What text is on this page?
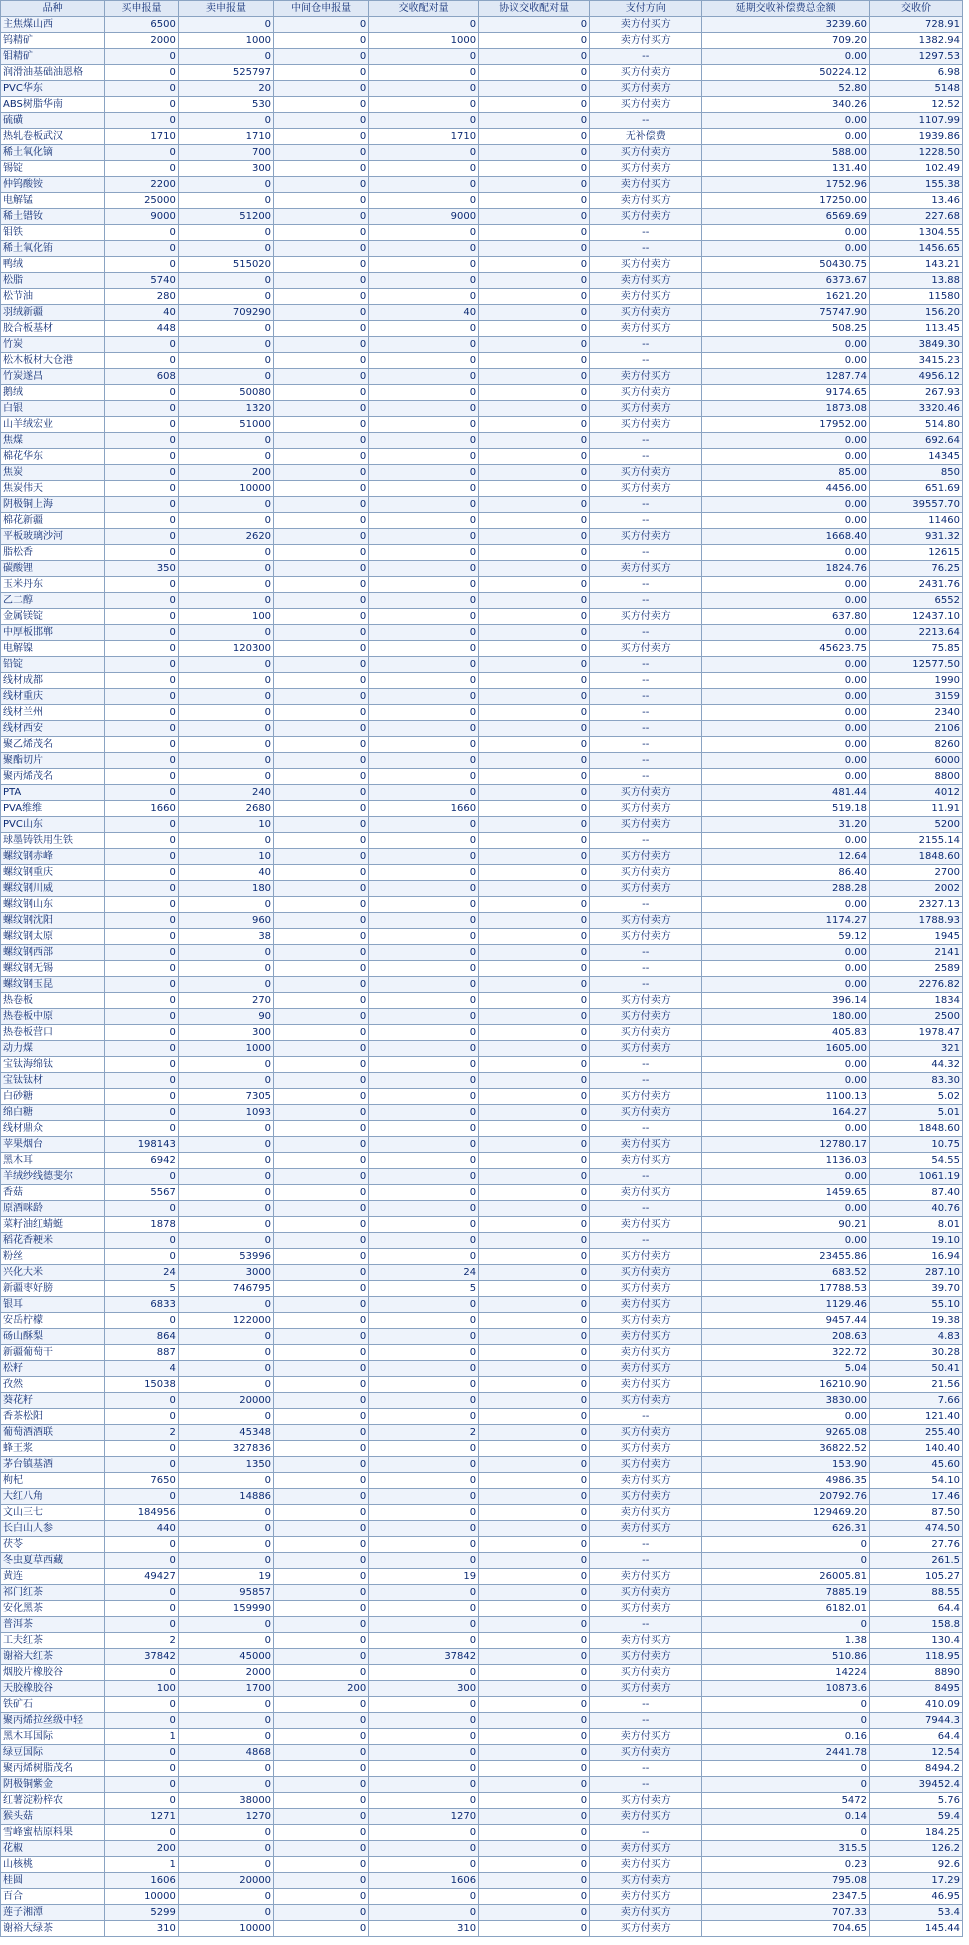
品种	买申报量	卖申报量	中间仓申报量	交收配对量	协议交收配对量	支付方向	延期交收补偿费总金额	交收价
主焦煤山西	6500	0	0	0	0	卖方付买方	3239.60	728.91
钨精矿	2000	1000	0	1000	0	卖方付买方	709.20	1382.94
钼精矿	0	0	0	0	0	--	0.00	1297.53
润滑油基础油恩格	0	525797	0	0	0	买方付卖方	50224.12	6.98
PVC华东	0	20	0	0	0	买方付卖方	52.80	5148
ABS树脂华南	0	530	0	0	0	买方付卖方	340.26	12.52
硫磺	0	0	0	0	0	--	0.00	1107.99
热轧卷板武汉	1710	1710	0	1710	0	无补偿费	0.00	1939.86
稀土氧化镝	0	700	0	0	0	买方付卖方	588.00	1228.50
锡锭	0	300	0	0	0	买方付卖方	131.40	102.49
仲钨酸铵	2200	0	0	0	0	卖方付买方	1752.96	155.38
电解锰	25000	0	0	0	0	卖方付买方	17250.00	13.46
稀土镨钕	9000	51200	0	9000	0	买方付卖方	6569.69	227.68
钼铁	0	0	0	0	0	--	0.00	1304.55
稀土氧化铕	0	0	0	0	0	--	0.00	1456.65
鸭绒	0	515020	0	0	0	买方付卖方	50430.75	143.21
松脂	5740	0	0	0	0	卖方付买方	6373.67	13.88
松节油	280	0	0	0	0	卖方付买方	1621.20	11580
羽绒新疆	40	709290	0	40	0	买方付卖方	75747.90	156.20
胶合板基材	448	0	0	0	0	卖方付买方	508.25	113.45
竹炭	0	0	0	0	0	--	0.00	3849.30
松木板材大仓港	0	0	0	0	0	--	0.00	3415.23
竹炭遂昌	608	0	0	0	0	卖方付买方	1287.74	4956.12
鹅绒	0	50080	0	0	0	买方付卖方	9174.65	267.93
白银	0	1320	0	0	0	买方付卖方	1873.08	3320.46
山羊绒宏业	0	51000	0	0	0	买方付卖方	17952.00	514.80
焦煤	0	0	0	0	0	--	0.00	692.64
棉花华东	0	0	0	0	0	--	0.00	14345
焦炭	0	200	0	0	0	买方付卖方	85.00	850
焦炭伟天	0	10000	0	0	0	买方付卖方	4456.00	651.69
阴极铜上海	0	0	0	0	0	--	0.00	39557.70
棉花新疆	0	0	0	0	0	--	0.00	11460
平板玻璃沙河	0	2620	0	0	0	买方付卖方	1668.40	931.32
脂松香	0	0	0	0	0	--	0.00	12615
碳酸锂	350	0	0	0	0	卖方付买方	1824.76	76.25
玉米丹东	0	0	0	0	0	--	0.00	2431.76
乙二醇	0	0	0	0	0	--	0.00	6552
金属镁锭	0	100	0	0	0	买方付卖方	637.80	12437.10
中厚板邯郸	0	0	0	0	0	--	0.00	2213.64
电解镍	0	120300	0	0	0	买方付卖方	45623.75	75.85
铅锭	0	0	0	0	0	--	0.00	12577.50
线材成都	0	0	0	0	0	--	0.00	1990
线材重庆	0	0	0	0	0	--	0.00	3159
线材兰州	0	0	0	0	0	--	0.00	2340
线材西安	0	0	0	0	0	--	0.00	2106
聚乙烯茂名	0	0	0	0	0	--	0.00	8260
聚酯切片	0	0	0	0	0	--	0.00	6000
聚丙烯茂名	0	0	0	0	0	--	0.00	8800
PTA	0	240	0	0	0	买方付卖方	481.44	4012
PVA维维	1660	2680	0	1660	0	买方付卖方	519.18	11.91
PVC山东	0	10	0	0	0	买方付卖方	31.20	5200
球墨铸铁用生铁	0	0	0	0	0	--	0.00	2155.14
螺纹钢赤峰	0	10	0	0	0	买方付卖方	12.64	1848.60
螺纹钢重庆	0	40	0	0	0	买方付卖方	86.40	2700
螺纹钢川威	0	180	0	0	0	买方付卖方	288.28	2002
螺纹钢山东	0	0	0	0	0	--	0.00	2327.13
螺纹钢沈阳	0	960	0	0	0	买方付卖方	1174.27	1788.93
螺纹钢太原	0	38	0	0	0	买方付卖方	59.12	1945
螺纹钢西部	0	0	0	0	0	--	0.00	2141
螺纹钢无锡	0	0	0	0	0	--	0.00	2589
螺纹钢玉昆	0	0	0	0	0	--	0.00	2276.82
热卷板	0	270	0	0	0	买方付卖方	396.14	1834
热卷板中原	0	90	0	0	0	买方付卖方	180.00	2500
热卷板营口	0	300	0	0	0	买方付卖方	405.83	1978.47
动力煤	0	1000	0	0	0	买方付卖方	1605.00	321
宝钛海绵钛	0	0	0	0	0	--	0.00	44.32
宝钛钛材	0	0	0	0	0	--	0.00	83.30
白砂糖	0	7305	0	0	0	买方付卖方	1100.13	5.02
绵白糖	0	1093	0	0	0	买方付卖方	164.27	5.01
线材鼎众	0	0	0	0	0	--	0.00	1848.60
苹果烟台	198143	0	0	0	0	卖方付买方	12780.17	10.75
黑木耳	6942	0	0	0	0	卖方付买方	1136.03	54.55
羊绒纱线德斐尔	0	0	0	0	0	--	0.00	1061.19
香菇	5567	0	0	0	0	卖方付买方	1459.65	87.40
原酒咪龄	0	0	0	0	0	--	0.00	40.76
菜籽油红蜻蜓	1878	0	0	0	0	卖方付买方	90.21	8.01
稻花香粳米	0	0	0	0	0	--	0.00	19.10
粉丝	0	53996	0	0	0	买方付卖方	23455.86	16.94
兴化大米	24	3000	0	24	0	买方付卖方	683.52	287.10
新疆枣好膀	5	746795	0	5	0	买方付卖方	17788.53	39.70
银耳	6833	0	0	0	0	卖方付买方	1129.46	55.10
安岳柠檬	0	122000	0	0	0	买方付卖方	9457.44	19.38
砀山酥梨	864	0	0	0	0	卖方付买方	208.63	4.83
新疆葡萄干	887	0	0	0	0	卖方付买方	322.72	30.28
松籽	4	0	0	0	0	卖方付买方	5.04	50.41
孜然	15038	0	0	0	0	卖方付买方	16210.90	21.56
葵花籽	0	20000	0	0	0	买方付卖方	3830.00	7.66
香茶松阳	0	0	0	0	0	--	0.00	121.40
葡萄酒酒联	2	45348	0	2	0	买方付卖方	9265.08	255.40
蜂王浆	0	327836	0	0	0	买方付卖方	36822.52	140.40
茅台镇基酒	0	1350	0	0	0	买方付卖方	153.90	45.60
枸杞	7650	0	0	0	0	卖方付买方	4986.35	54.10
大红八角	0	14886	0	0	0	买方付卖方	20792.76	17.46
文山三七	184956	0	0	0	0	卖方付买方	129469.20	87.50
长白山人参	440	0	0	0	0	卖方付买方	626.31	474.50
茯苓	0	0	0	0	0	--	0	27.76
冬虫夏草西藏	0	0	0	0	0	--	0	261.5
黄连	49427	19	0	19	0	卖方付买方	26005.81	105.27
祁门红茶	0	95857	0	0	0	买方付卖方	7885.19	88.55
安化黑茶	0	159990	0	0	0	买方付卖方	6182.01	64.4
普洱茶	0	0	0	0	0	--	0	158.8
工夫红茶	2	0	0	0	0	卖方付买方	1.38	130.4
谢裕大红茶	37842	45000	0	37842	0	买方付卖方	510.86	118.95
烟胶片橡胶谷	0	2000	0	0	0	买方付卖方	14224	8890
天胶橡胶谷	100	1700	200	300	0	买方付卖方	10873.6	8495
铁矿石	0	0	0	0	0	--	0	410.09
聚丙烯拉丝级中轻	0	0	0	0	0	--	0	7944.3
黑木耳国际	1	0	0	0	0	卖方付买方	0.16	64.4
绿豆国际	0	4868	0	0	0	买方付卖方	2441.78	12.54
聚丙烯树脂茂名	0	0	0	0	0	--	0	8494.2
阴极铜紫金	0	0	0	0	0	--	0	39452.4
红薯淀粉梓农	0	38000	0	0	0	买方付卖方	5472	5.76
猴头菇	1271	1270	0	1270	0	卖方付买方	0.14	59.4
雪峰蜜桔原料果	0	0	0	0	0	--	0	184.25
花椒	200	0	0	0	0	卖方付买方	315.5	126.2
山核桃	1	0	0	0	0	卖方付买方	0.23	92.6
桂圆	1606	20000	0	1606	0	买方付卖方	795.08	17.29
百合	10000	0	0	0	0	卖方付买方	2347.5	46.95
莲子湘潭	5299	0	0	0	0	卖方付买方	707.33	53.4
谢裕大绿茶	310	10000	0	310	0	买方付卖方	704.65	145.44
